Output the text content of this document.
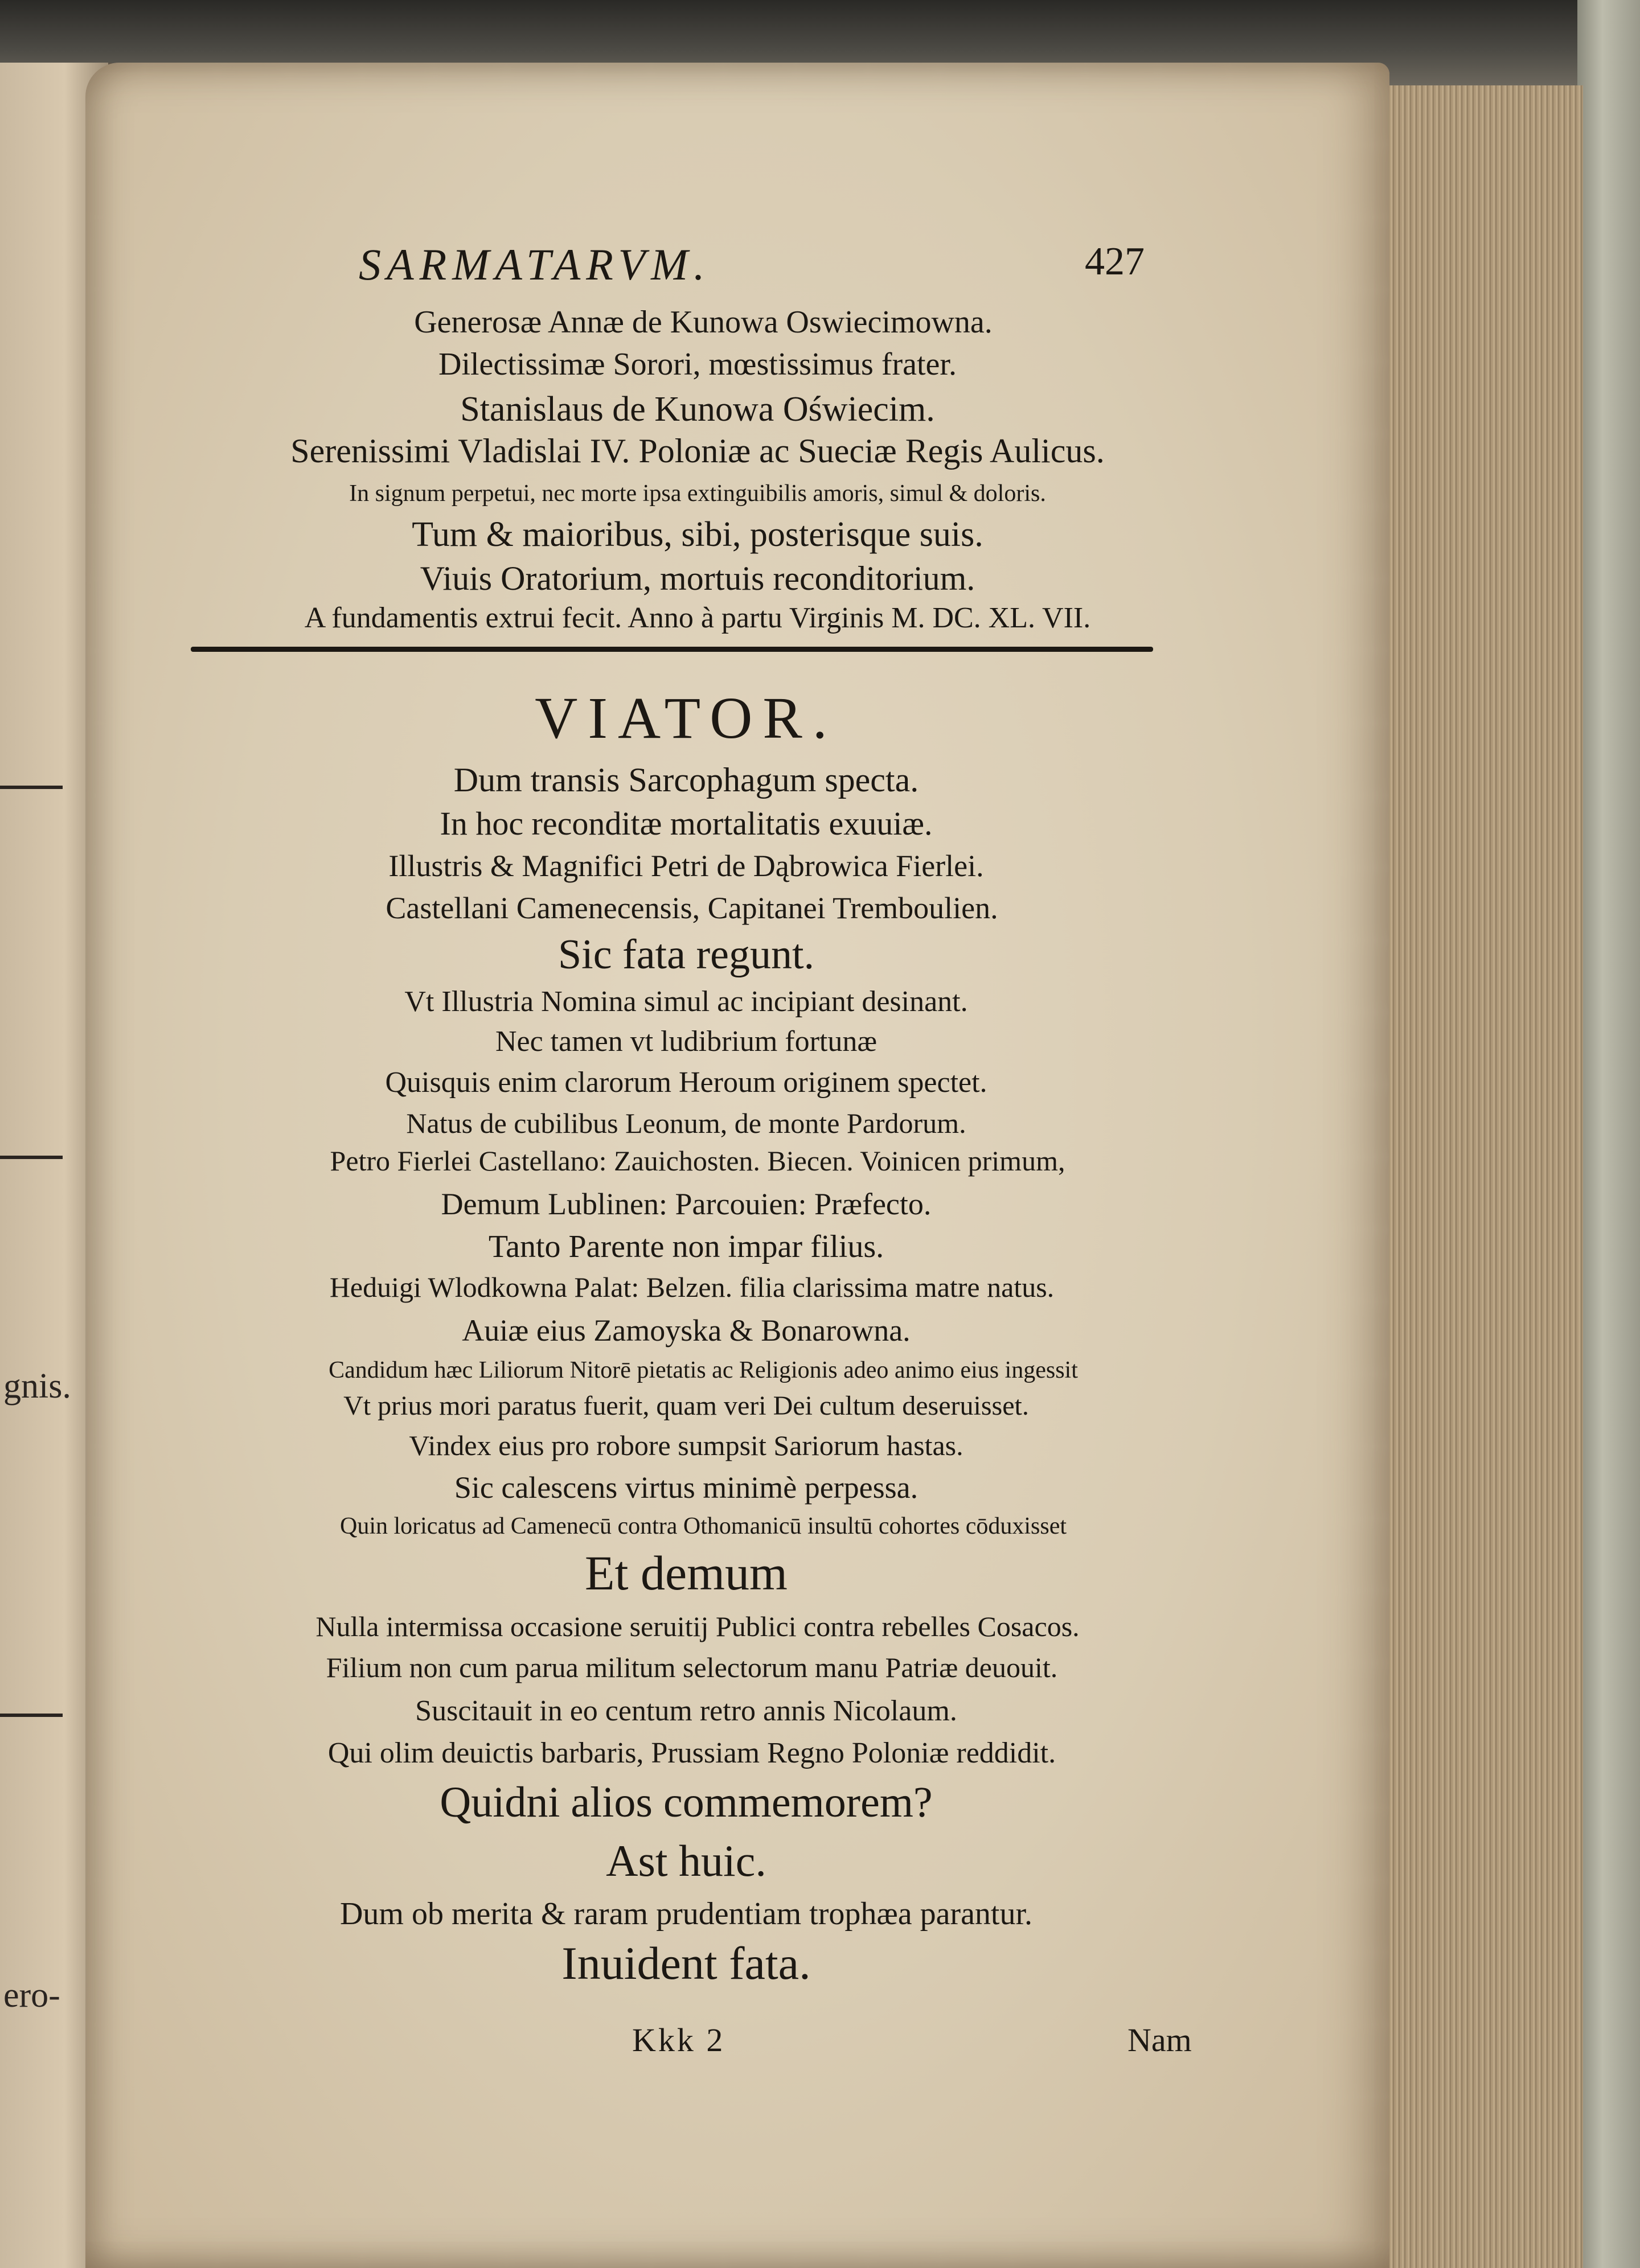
gnis.
ero-
SARMATARVM.	427
Generosæ Annæ de Kunowa Oswiecimowna.
Dilectissimæ Sorori, mœstissimus frater.
Stanislaus de Kunowa Oświecim.
Serenissimi Vladislai IV. Poloniæ ac Sueciæ Regis Aulicus.
In signum perpetui, nec morte ipsa extinguibilis amoris, simul & doloris.
Tum & maioribus, sibi, posterisque suis.
Viuis Oratorium, mortuis reconditorium.
A fundamentis extrui fecit. Anno à partu Virginis M. DC. XL. VII.
VIATOR.
Dum transis Sarcophagum specta.
In hoc reconditæ mortalitatis exuuiæ.
Illustris & Magnifici Petri de Dąbrowica Fierlei.
Castellani Camenecensis, Capitanei Tremboulien.
Sic fata regunt.
Vt Illustria Nomina simul ac incipiant desinant.
Nec tamen vt ludibrium fortunæ
Quisquis enim clarorum Heroum originem spectet.
Natus de cubilibus Leonum, de monte Pardorum.
Petro Fierlei Castellano: Zauichosten. Biecen. Voinicen primum,
Demum Lublinen: Parcouien: Præfecto.
Tanto Parente non impar filius.
Heduigi Wlodkowna Palat: Belzen. filia clarissima matre natus.
Auiæ eius Zamoyska & Bonarowna.
Candidum hæc Liliorum Nitorē pietatis ac Religionis adeo animo eius ingessit
Vt prius mori paratus fuerit, quam veri Dei cultum deseruisset.
Vindex eius pro robore sumpsit Sariorum hastas.
Sic calescens virtus minimè perpessa.
Quin loricatus ad Camenecū contra Othomanicū insultū cohortes cōduxisset
Et demum
Nulla intermissa occasione seruitij Publici contra rebelles Cosacos.
Filium non cum parua militum selectorum manu Patriæ deuouit.
Suscitauit in eo centum retro annis Nicolaum.
Qui olim deuictis barbaris, Prussiam Regno Poloniæ reddidit.
Quidni alios commemorem?
Ast huic.
Dum ob merita & raram prudentiam trophæa parantur.
Inuident fata.
Kkk 2	Nam
